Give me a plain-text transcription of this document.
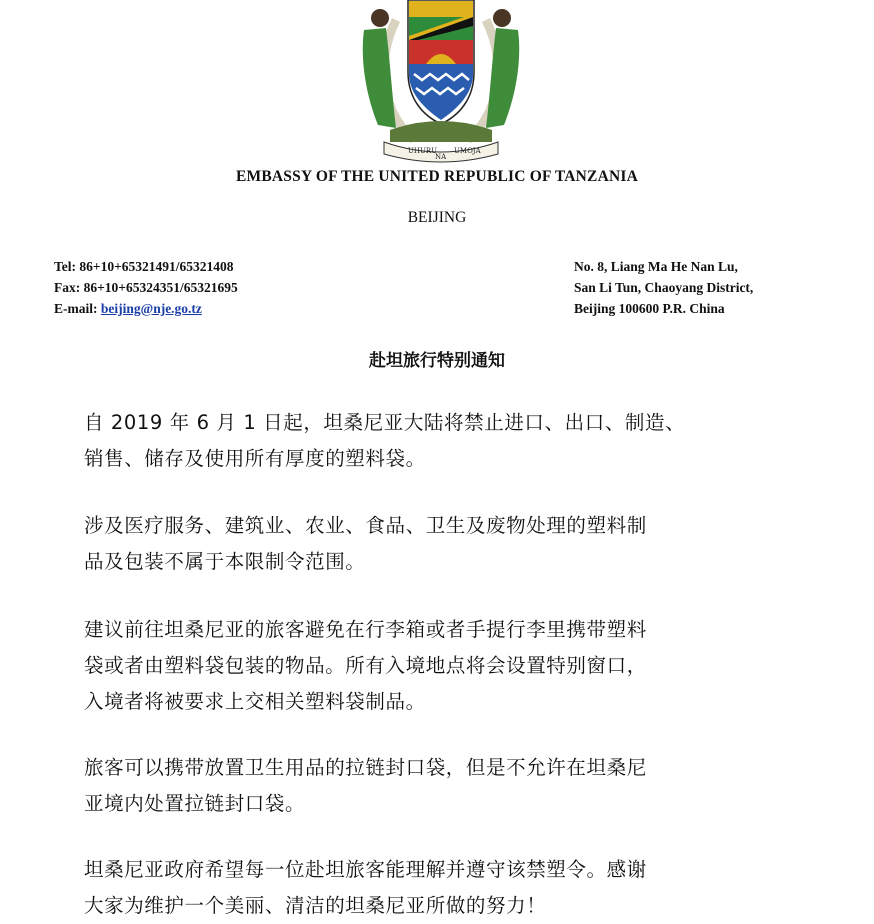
UHURU
NA
UMOJA
EMBASSY OF THE UNITED REPUBLIC OF TANZANIA
BEIJING
Tel: 86+10+65321491/65321408
Fax: 86+10+65324351/65321695
E-mail: beijing@nje.go.tz
No. 8, Liang Ma He Nan Lu,
San Li Tun, Chaoyang District,
Beijing 100600 P.R. China
赴坦旅行特别通知
自 2019 年 6 月 1 日起，坦桑尼亚大陆将禁止进口、出口、制造、
销售、储存及使用所有厚度的塑料袋。
涉及医疗服务、建筑业、农业、食品、卫生及废物处理的塑料制
品及包装不属于本限制令范围。
建议前往坦桑尼亚的旅客避免在行李箱或者手提行李里携带塑料
袋或者由塑料袋包装的物品。所有入境地点将会设置特别窗口，
入境者将被要求上交相关塑料袋制品。
旅客可以携带放置卫生用品的拉链封口袋，但是不允许在坦桑尼
亚境内处置拉链封口袋。
坦桑尼亚政府希望每一位赴坦旅客能理解并遵守该禁塑令。感谢
大家为维护一个美丽、清洁的坦桑尼亚所做的努力！
